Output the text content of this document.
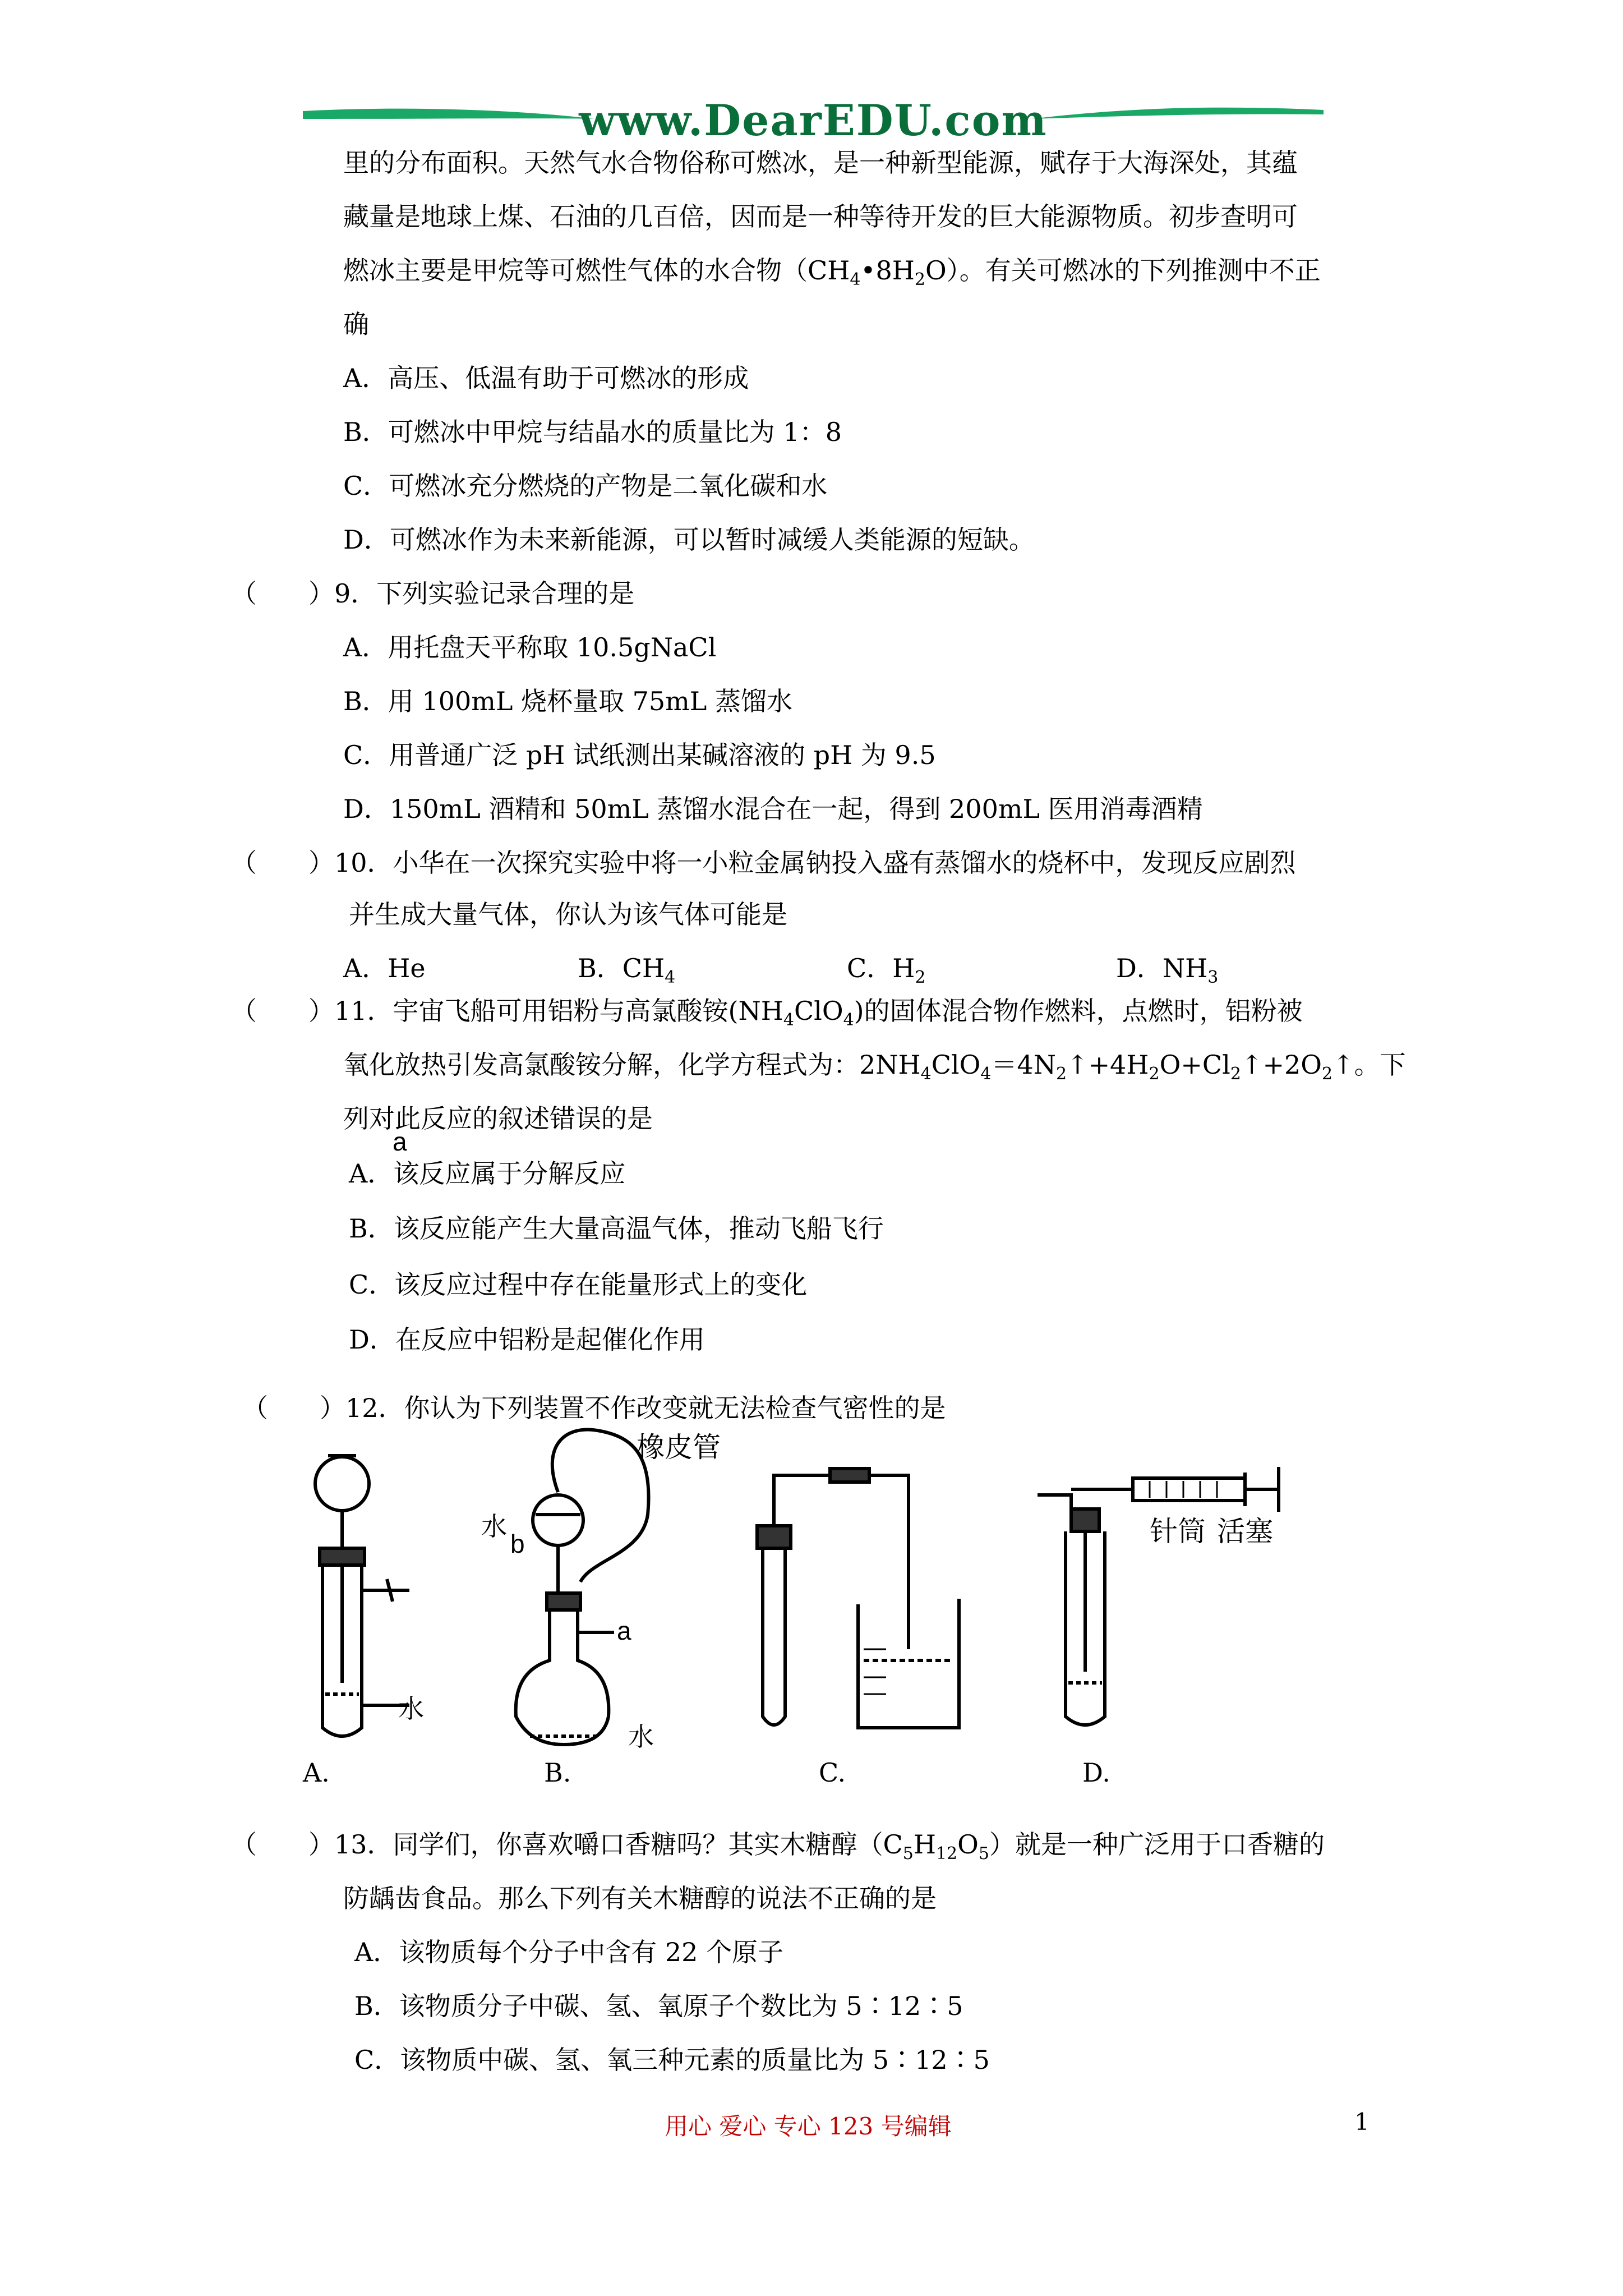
www.DearEDU.com
里的分布面积。天然气水合物俗称可燃冰，是一种新型能源，赋存于大海深处，其蕴
藏量是地球上煤、石油的几百倍，因而是一种等待开发的巨大能源物质。初步查明可
燃冰主要是甲烷等可燃性气体的水合物$(CH_4•8H_2O)$。有关可燃冰的下列推测中不正
确
A．高压、低温有助于可燃冰的形成
B．可燃冰中甲烷与结晶水的质量比为 1：8
C．可燃冰充分燃烧的产物是二氧化碳和水
D．可燃冰作为未来新能源，可以暂时减缓人类能源的短缺。
（　　）9．下列实验记录合理的是
A．用托盘天平称取 10.5gNaCl
B．用 100mL 烧杯量取 75mL 蒸馏水
C．用普通广泛 pH 试纸测出某碱溶液的 pH 为 9.5
D．150mL 酒精和 50mL 蒸馏水混合在一起，得到 200mL 医用消毒酒精
（　　）10．小华在一次探究实验中将一小粒金属钠投入盛有蒸馏水的烧杯中，发现反应剧烈
并生成大量气体，你认为该气体可能是
A．He	B．$CH_4$	C．$H_2$	D．$NH_3$
（　　）11．宇宙飞船可用铝粉与高氯酸铵$(NH_4ClO_4)$的固体混合物作燃料，点燃时，铝粉被
氧化放热引发高氯酸铵分解，化学方程式为：$2NH_4ClO_4=4N_2↑+4H_2O+Cl_2↑+2O_2↑$。下
列对此反应的叙述错误的是
A．该反应属于分解反应
B．该反应能产生大量高温气体，推动飞船飞行
C．该反应过程中存在能量形式上的变化
D．在反应中铝粉是起催化作用
（　　）12．你认为下列装置不作改变就无法检查气密性的是
a
水
A.
橡皮管
水
b
a
水
B.	C.
针筒 活塞
D.
（　　）13．同学们，你喜欢嚼口香糖吗？其实木糖醇$(C_5H_{12}O_5)$就是一种广泛用于口香糖的
防龋齿食品。那么下列有关木糖醇的说法不正确的是
A．该物质每个分子中含有 22 个原子
B．该物质分子中碳、氢、氧原子个数比为 5∶12∶5
C．该物质中碳、氢、氧三种元素的质量比为 5∶12∶5
用心 爱心 专心 123 号编辑	1
